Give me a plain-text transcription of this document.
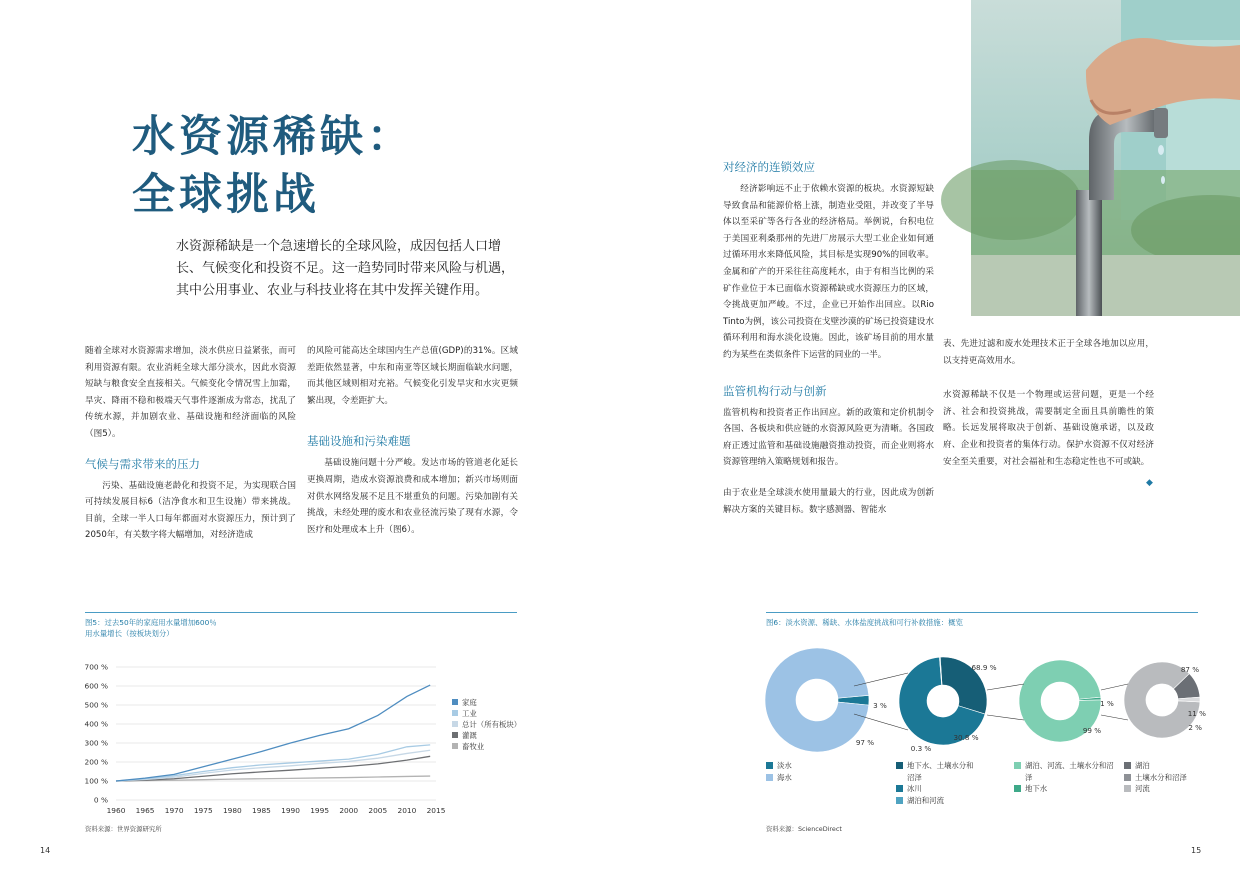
水资源稀缺：
全球挑战
水资源稀缺是一个急速增长的全球风险，成因包括人口增长、气候变化和投资不足。这一趋势同时带来风险与机遇，其中公用事业、农业与科技业将在其中发挥关键作用。

随着全球对水资源需求增加，淡水供应日益紧张，而可利用资源有限。农业消耗全球大部分淡水，因此水资源短缺与粮食安全直接相关。气候变化令情况雪上加霜，旱灾、降雨不稳和极端天气事件逐渐成为常态，扰乱了传统水源，并加剧农业、基础设施和经济面临的风险（图5）。

气候与需求带来的压力

污染、基础设施老龄化和投资不足，为实现联合国可持续发展目标6（洁净食水和卫生设施）带来挑战。目前，全球一半人口每年都面对水资源压力，预计到了2050年，有关数字将大幅增加，对经济造成

的风险可能高达全球国内生产总值(GDP)的31%。区域差距依然显著，中东和南亚等区域长期面临缺水问题，而其他区域则相对充裕。气候变化引发旱灾和水灾更频繁出现，令差距扩大。

基础设施和污染难题

基础设施问题十分严峻。发达市场的管道老化延长更换周期，造成水资源浪费和成本增加；新兴市场则面对供水网络发展不足且不堪重负的问题。污染加剧有关挑战，未经处理的废水和农业径流污染了现有水源，令医疗和处理成本上升（图6）。

图5：过去50年的家庭用水量增加600％
用水量增长（按板块划分）
0 %
100 %
200 %
300 %
400 %
500 %
600 %
700 %
1960 1965 1970 1975 1980 1985 1990 1995 2000 2005 2010 2015
家庭
工业
总计（所有板块）
灌溉
畜牧业
资料来源：世界资源研究所
14
对经济的连锁效应

经济影响远不止于依赖水资源的板块。水资源短缺导致食品和能源价格上涨，制造业受阻，并改变了半导体以至采矿等各行各业的经济格局。举例说，台积电位于美国亚利桑那州的先进厂房展示大型工业企业如何通过循环用水来降低风险，其目标是实现90%的回收率。金属和矿产的开采往往高度耗水，由于有相当比例的采矿作业位于本已面临水资源稀缺或水资源压力的区域，令挑战更加严峻。不过，企业已开始作出回应。以Rio Tinto为例，该公司投资在戈壁沙漠的矿场已投资建设水循环利用和海水淡化设施。因此，该矿场目前的用水量约为某些在类似条件下运营的同业的一半。

监管机构行动与创新

监管机构和投资者正作出回应。新的政策和定价机制令各国、各板块和供应链的水资源风险更为清晰。各国政府正透过监管和基础设施融资推动投资，而企业则将水资源管理纳入策略规划和报告。

由于农业是全球淡水使用量最大的行业，因此成为创新解决方案的关键目标。数字感测器、智能水

表、先进过滤和废水处理技术正于全球各地加以应用，以支持更高效用水。

水资源稀缺不仅是一个物理或运营问题，更是一个经济、社会和投资挑战，需要制定全面且具前瞻性的策略。长远发展将取决于创新、基础设施承诺，以及政府、企业和投资者的集体行动。保护水资源不仅对经济安全至关重要，对社会福祉和生态稳定性也不可或缺。

◆
图6：淡水资源、稀缺、水体盐度挑战和可行补救措施：概览
3 %
97 %
68.9 %
30.8 %
0.3 %
1 %
99 %
87 %
11 %
2 %
淡水
海水
地下水、土壤水分和沼泽
冰川
湖泊和河流
湖泊、河流、土壤水分和沼泽
地下水
湖泊
土壤水分和沼泽
河流
资料来源：ScienceDirect
15
